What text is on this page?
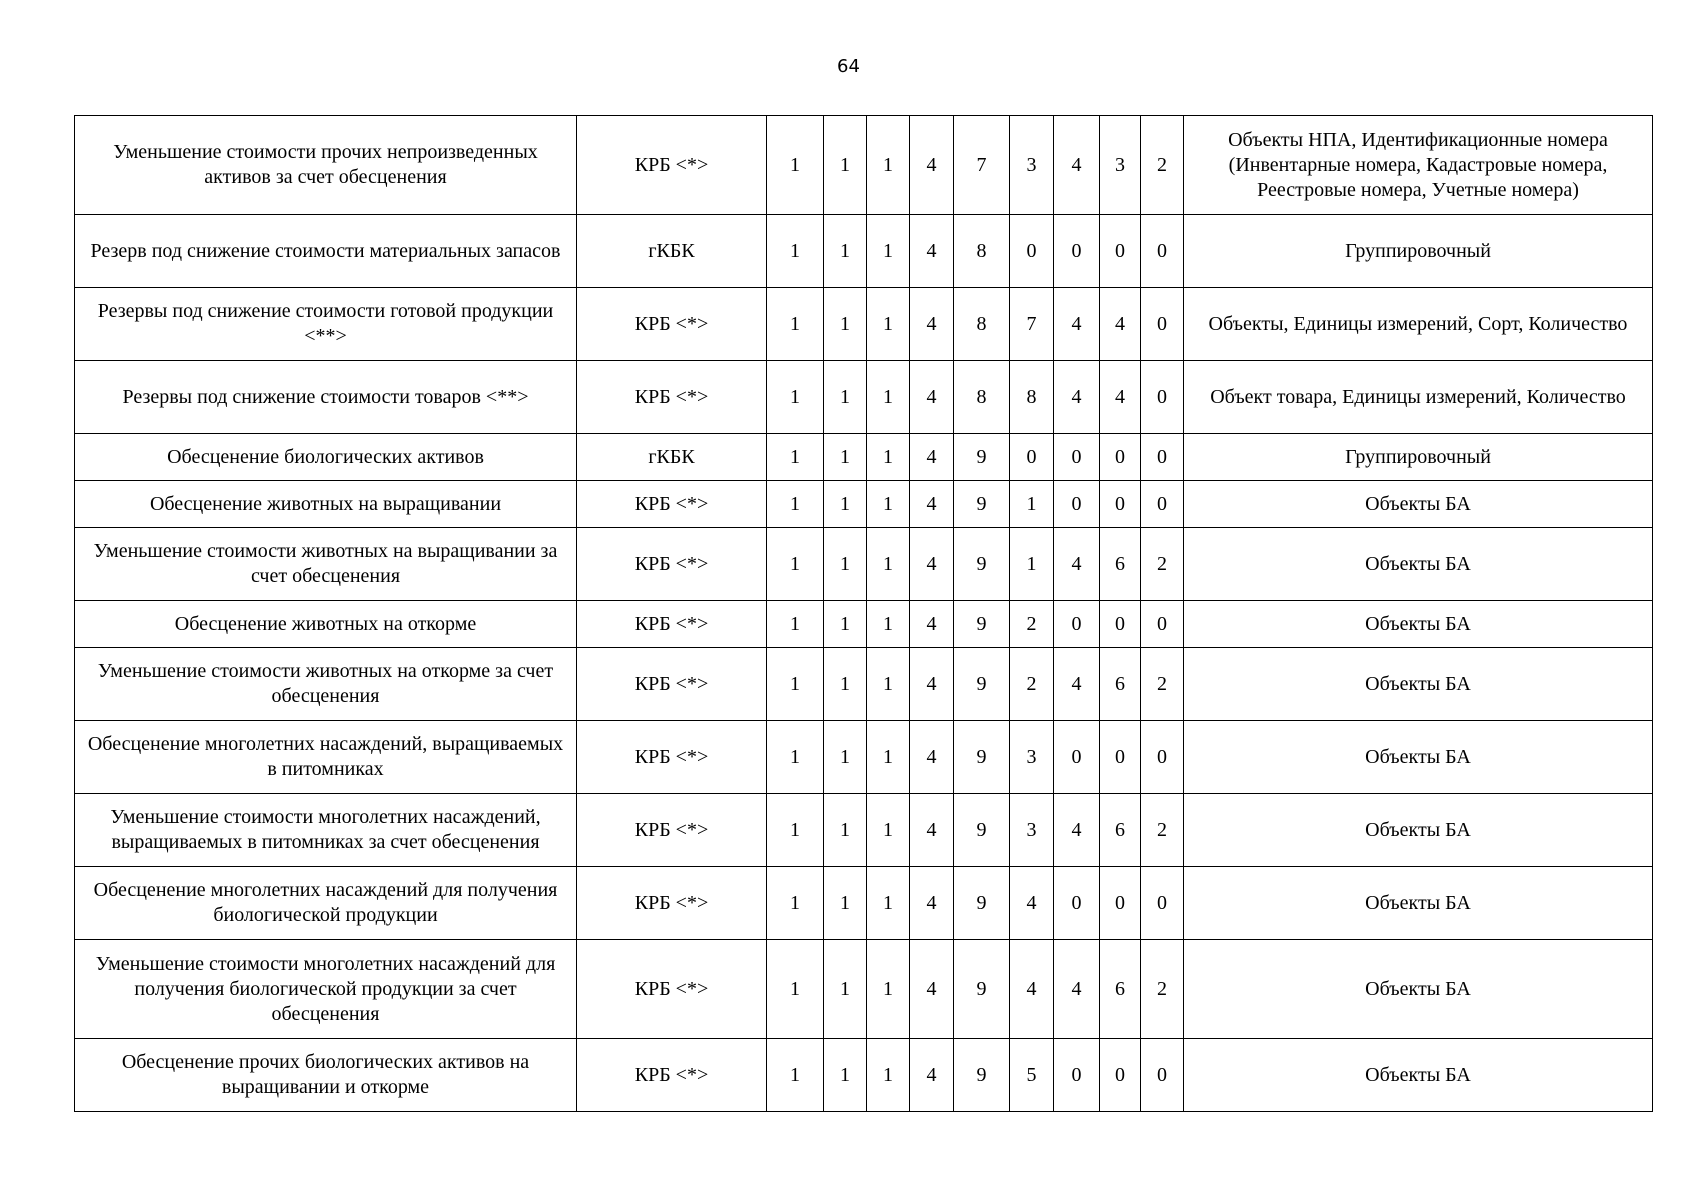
64
Уменьшение стоимости прочих непроизведенных активов за счет обесценения	КРБ <*>	1	1	1	4	7	3	4	3	2	Объекты НПА, Идентификационные номера (Инвентарные номера, Кадастровые номера, Реестровые номера, Учетные номера)
Резерв под снижение стоимости материальных запасов	гКБК	1	1	1	4	8	0	0	0	0	Группировочный
Резервы под снижение стоимости готовой продукции <**>	КРБ <*>	1	1	1	4	8	7	4	4	0	Объекты, Единицы измерений, Сорт, Количество
Резервы под снижение стоимости товаров <**>	КРБ <*>	1	1	1	4	8	8	4	4	0	Объект товара, Единицы измерений, Количество
Обесценение биологических активов	гКБК	1	1	1	4	9	0	0	0	0	Группировочный
Обесценение животных на выращивании	КРБ <*>	1	1	1	4	9	1	0	0	0	Объекты БА
Уменьшение стоимости животных на выращивании за счет обесценения	КРБ <*>	1	1	1	4	9	1	4	6	2	Объекты БА
Обесценение животных на откорме	КРБ <*>	1	1	1	4	9	2	0	0	0	Объекты БА
Уменьшение стоимости животных на откорме за счет обесценения	КРБ <*>	1	1	1	4	9	2	4	6	2	Объекты БА
Обесценение многолетних насаждений, выращиваемых в питомниках	КРБ <*>	1	1	1	4	9	3	0	0	0	Объекты БА
Уменьшение стоимости многолетних насаждений, выращиваемых в питомниках за счет обесценения	КРБ <*>	1	1	1	4	9	3	4	6	2	Объекты БА
Обесценение многолетних насаждений для получения биологической продукции	КРБ <*>	1	1	1	4	9	4	0	0	0	Объекты БА
Уменьшение стоимости многолетних насаждений для получения биологической продукции за счет обесценения	КРБ <*>	1	1	1	4	9	4	4	6	2	Объекты БА
Обесценение прочих биологических активов на выращивании и откорме	КРБ <*>	1	1	1	4	9	5	0	0	0	Объекты БА
